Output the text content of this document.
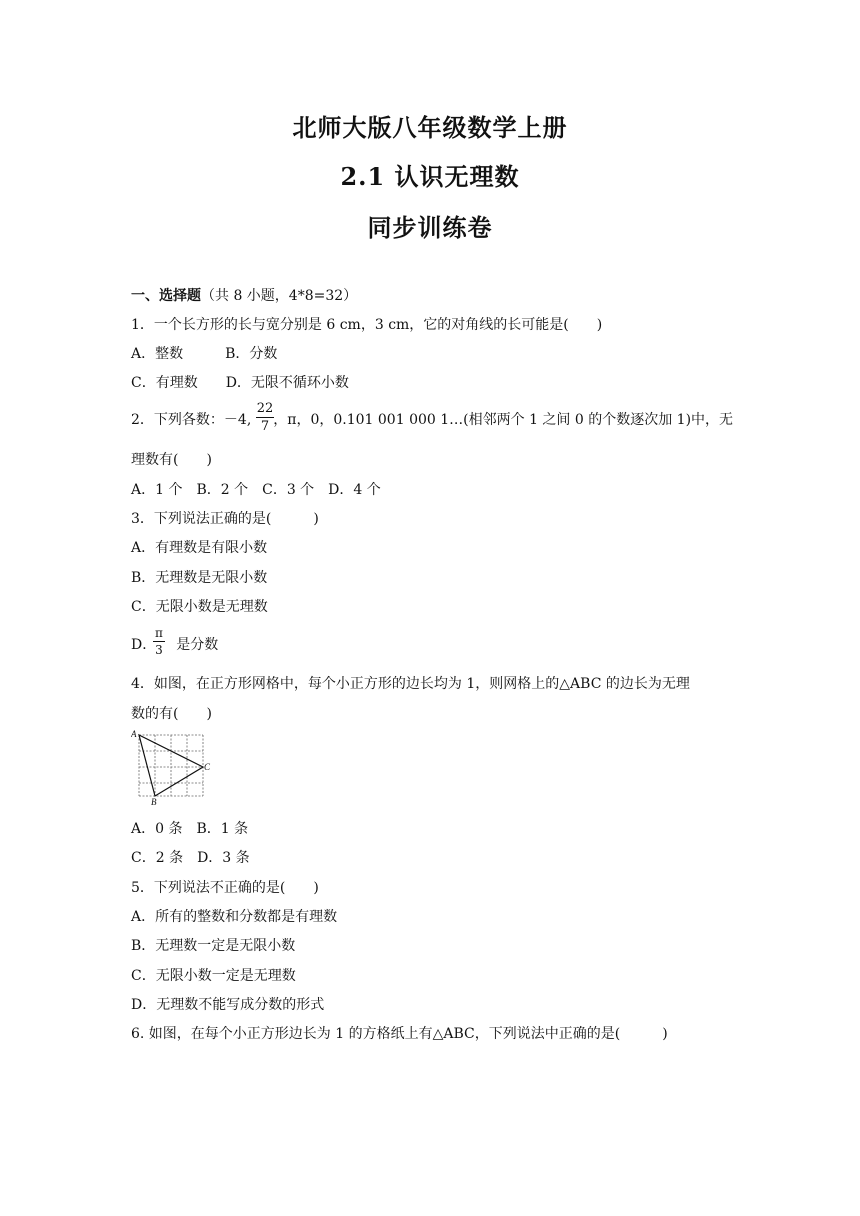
北师大版八年级数学上册
2.1 认识无理数
同步训练卷
一、选择题（共 8 小题，4*8=32）
1．一个长方形的长与宽分别是 6 cm，3 cm，它的对角线的长可能是(　　)
A．整数　　　B．分数
C．有理数　　D．无限不循环小数
2．下列各数：－4, ，π，0，0.101 001 000 1…(相邻两个 1 之间 0 的个数逐次加 1)中，无
22
7
理数有(　　)
A．1 个　B．2 个　C．3 个　D．4 个
3．下列说法正确的是(　　　)
A．有理数是有限小数
B．无理数是无限小数
C．无限小数是无理数
D． 是分数
π
3
4．如图，在正方形网格中，每个小正方形的边长均为 1，则网格上的△ABC 的边长为无理
数的有(　　)
A
B
C
A．0 条　B．1 条
C．2 条　D．3 条
5．下列说法不正确的是(　　)
A．所有的整数和分数都是有理数
B．无理数一定是无限小数
C．无限小数一定是无理数
D．无理数不能写成分数的形式
6. 如图，在每个小正方形边长为 1 的方格纸上有△ABC，下列说法中正确的是(　　　)
